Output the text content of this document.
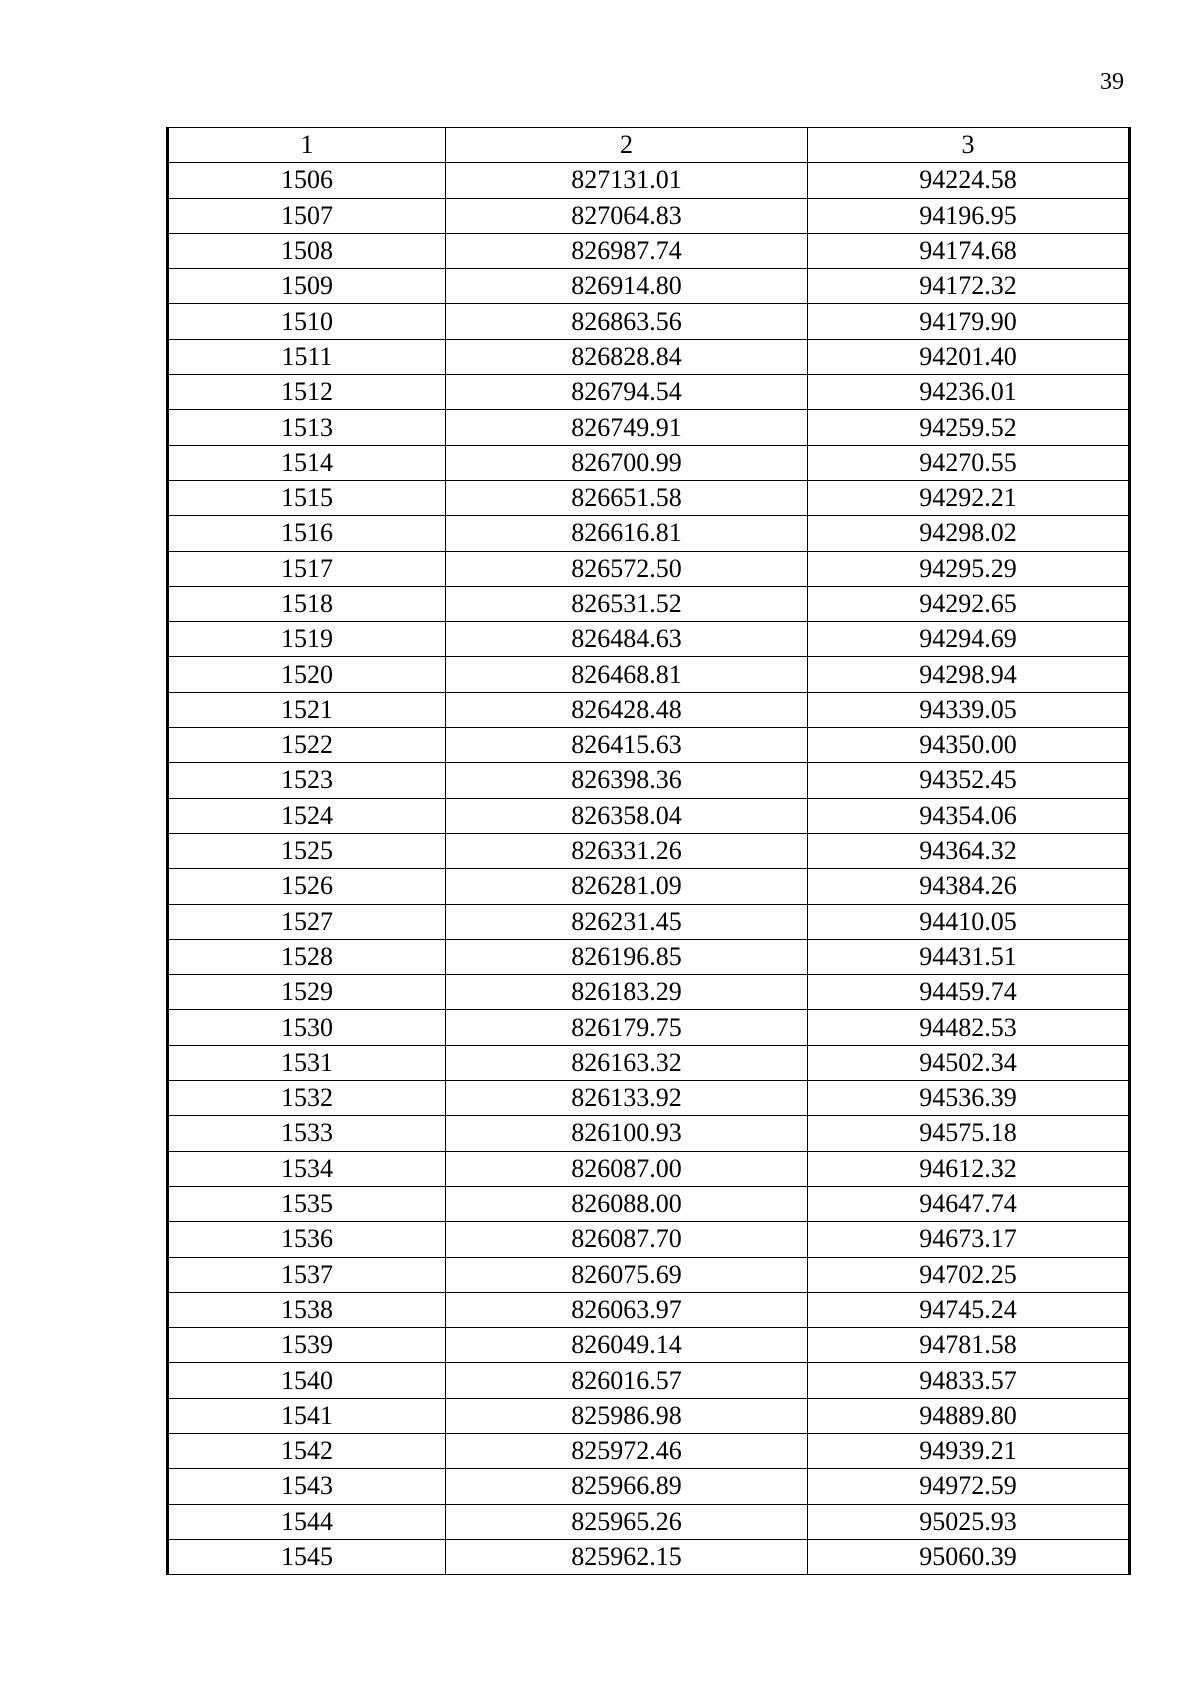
39
1	2	3
1506	827131.01	94224.58
1507	827064.83	94196.95
1508	826987.74	94174.68
1509	826914.80	94172.32
1510	826863.56	94179.90
1511	826828.84	94201.40
1512	826794.54	94236.01
1513	826749.91	94259.52
1514	826700.99	94270.55
1515	826651.58	94292.21
1516	826616.81	94298.02
1517	826572.50	94295.29
1518	826531.52	94292.65
1519	826484.63	94294.69
1520	826468.81	94298.94
1521	826428.48	94339.05
1522	826415.63	94350.00
1523	826398.36	94352.45
1524	826358.04	94354.06
1525	826331.26	94364.32
1526	826281.09	94384.26
1527	826231.45	94410.05
1528	826196.85	94431.51
1529	826183.29	94459.74
1530	826179.75	94482.53
1531	826163.32	94502.34
1532	826133.92	94536.39
1533	826100.93	94575.18
1534	826087.00	94612.32
1535	826088.00	94647.74
1536	826087.70	94673.17
1537	826075.69	94702.25
1538	826063.97	94745.24
1539	826049.14	94781.58
1540	826016.57	94833.57
1541	825986.98	94889.80
1542	825972.46	94939.21
1543	825966.89	94972.59
1544	825965.26	95025.93
1545	825962.15	95060.39
